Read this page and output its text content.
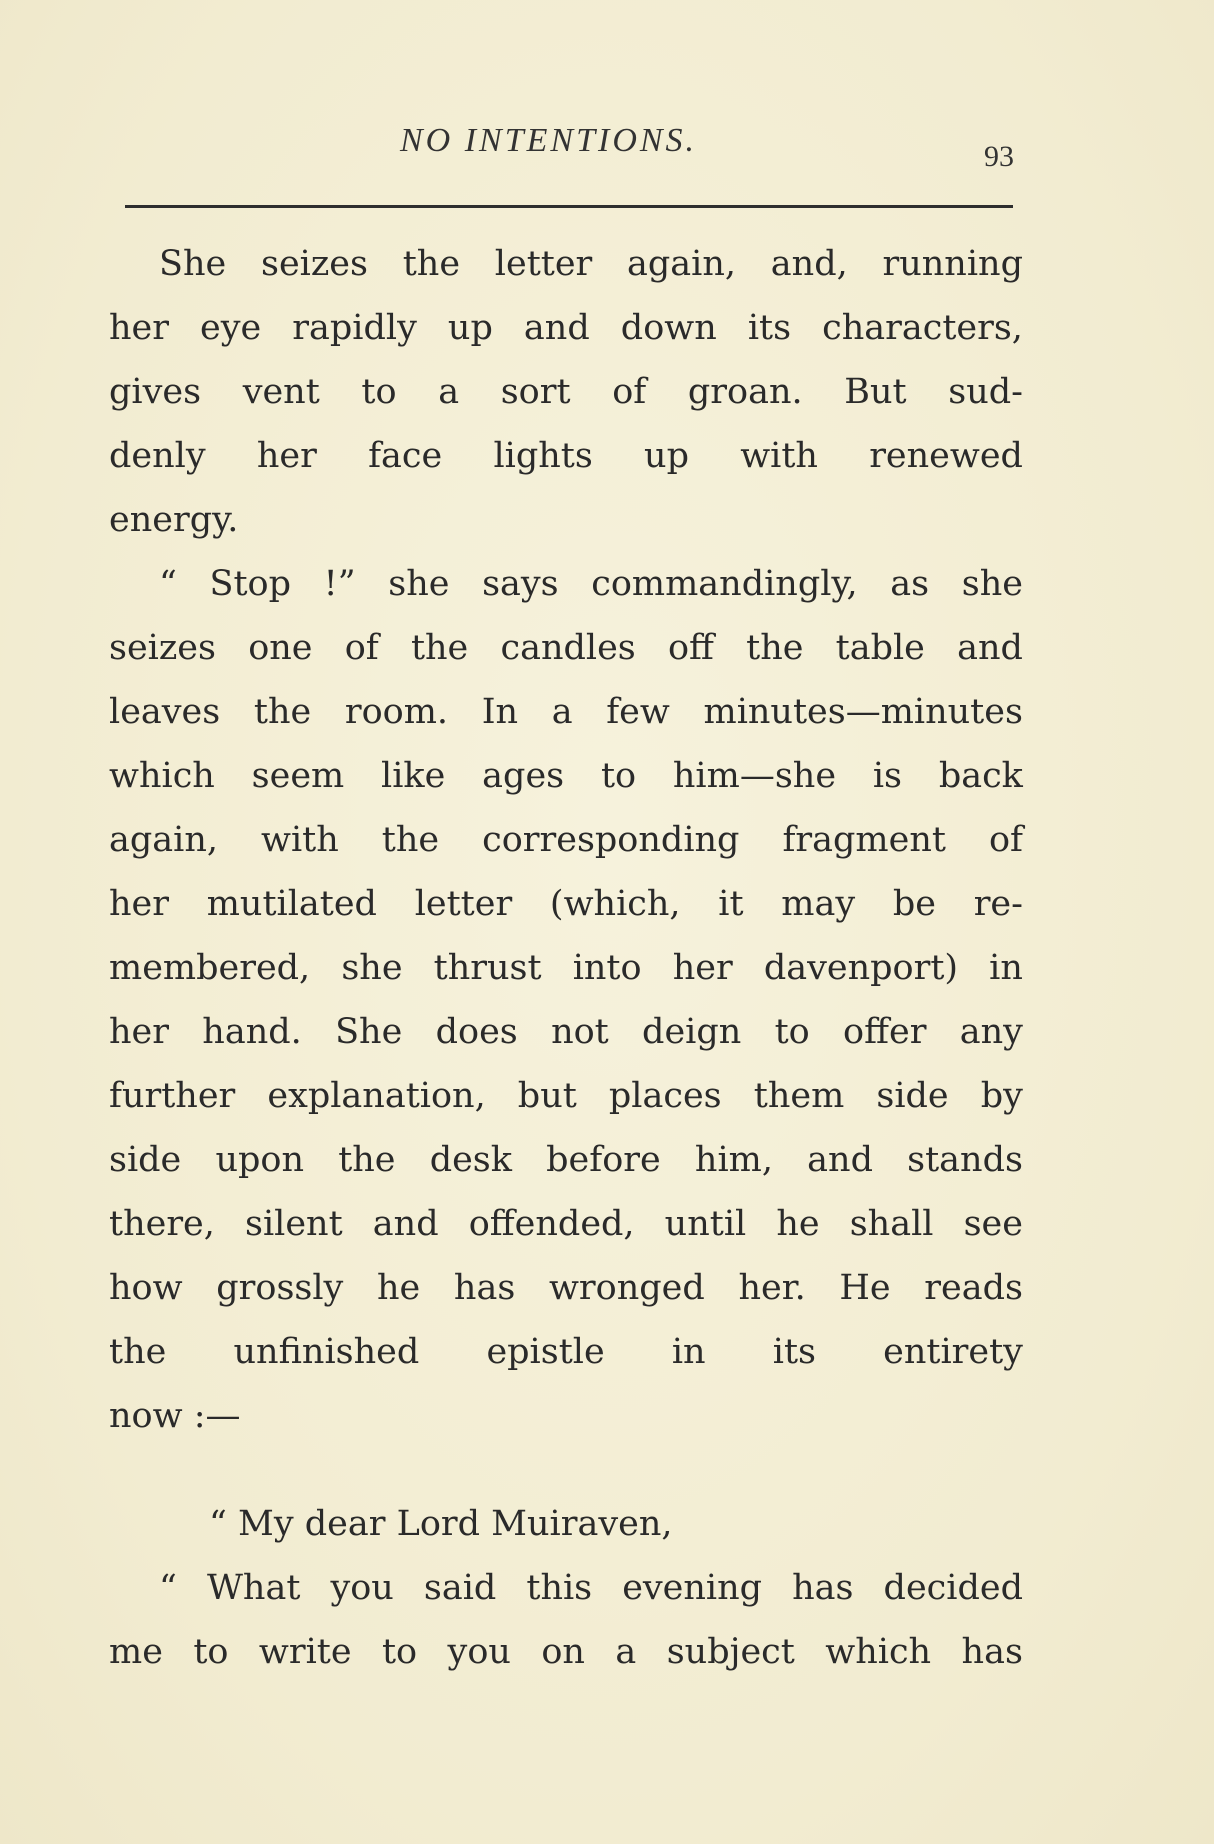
NO INTENTIONS.	93
She seizes the letter again, and, running
her eye rapidly up and down its characters,
gives vent to a sort of groan. But sud-
denly her face lights up with renewed
energy.
“ Stop !” she says commandingly, as she
seizes one of the candles off the table and
leaves the room. In a few minutes—minutes
which seem like ages to him—she is back
again, with the corresponding fragment of
her mutilated letter (which, it may be re-
membered, she thrust into her davenport) in
her hand. She does not deign to offer any
further explanation, but places them side by
side upon the desk before him, and stands
there, silent and offended, until he shall see
how grossly he has wronged her. He reads
the unfinished epistle in its entirety
now :—
“ My dear Lord Muiraven,
“ What you said this evening has decided
me to write to you on a subject which has
